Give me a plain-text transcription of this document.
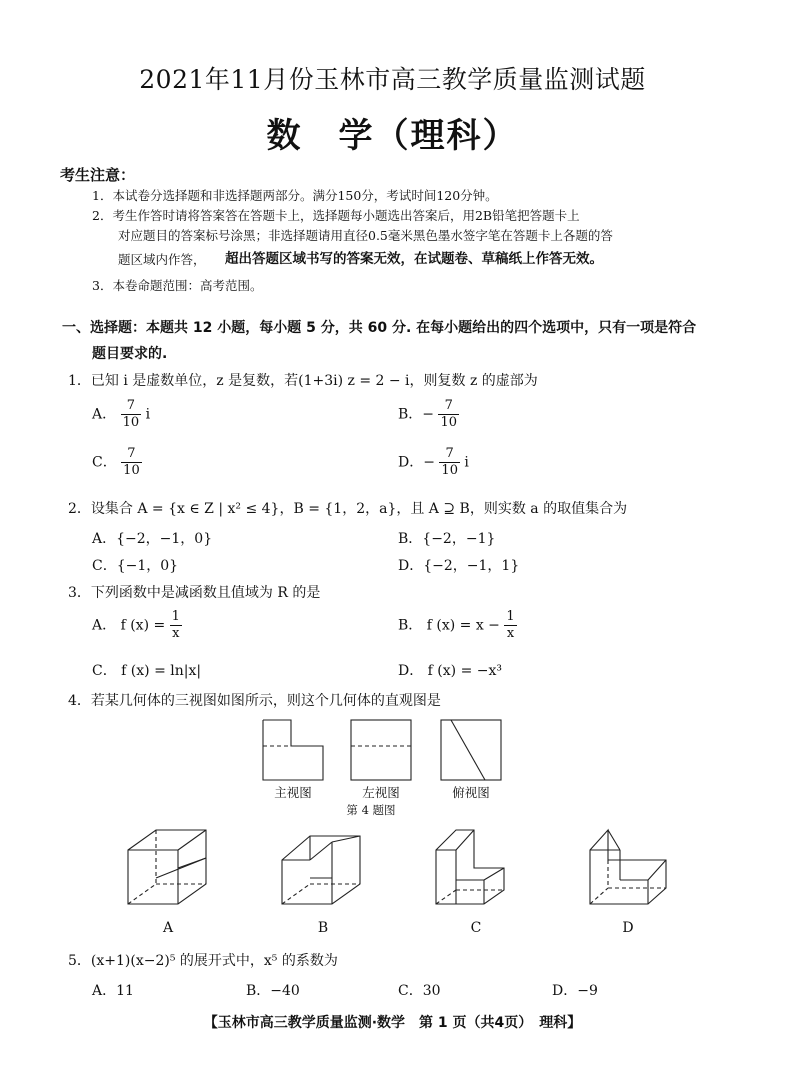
2021年11月份玉林市高三教学质量监测试题
数　学（理科）
考生注意：
1．本试卷分选择题和非选择题两部分。满分150分，考试时间120分钟。
2．考生作答时请将答案答在答题卡上，选择题每小题选出答案后，用2B铅笔把答题卡上
对应题目的答案标号涂黑；非选择题请用直径0.5毫米黑色墨水签字笔在答题卡上各题的答
题区域内作答， 超出答题区域书写的答案无效，在试题卷、草稿纸上作答无效。
3．本卷命题范围：高考范围。
一、选择题：本题共 12 小题，每小题 5 分，共 60 分. 在每小题给出的四个选项中，只有一项是符合
题目要求的.
1．已知 i 是虚数单位，z 是复数，若(1+3i) z = 2 − i，则复数 z 的虚部为
A． $\frac{7}{10}$ i	B．− $\frac{7}{10}$
C． $\frac{7}{10}$	D．− $\frac{7}{10}$ i
2．设集合 A = {x ∈ Z | x² ≤ 4}，B = {1，2，a}，且 A ⊇ B，则实数 a 的取值集合为
A．{−2，−1，0}	B．{−2，−1}
C．{−1，0}	D．{−2，−1，1}
3．下列函数中是减函数且值域为 R 的是
A． f $(x) = \frac{1}{x}$	B． f $(x) = x - \frac{1}{x}$
C． f (x) = ln|x|	D． f (x) = −x³
4．若某几何体的三视图如图所示，则这个几何体的直观图是
主视图	左视图	俯视图
第 4 题图
A	B	C	D
5．(x+1)(x−2)⁵ 的展开式中，x⁵ 的系数为
A．11	B．−40	C．30	D．−9
【玉林市高三教学质量监测·数学　第 1 页（共4页）　理科】
